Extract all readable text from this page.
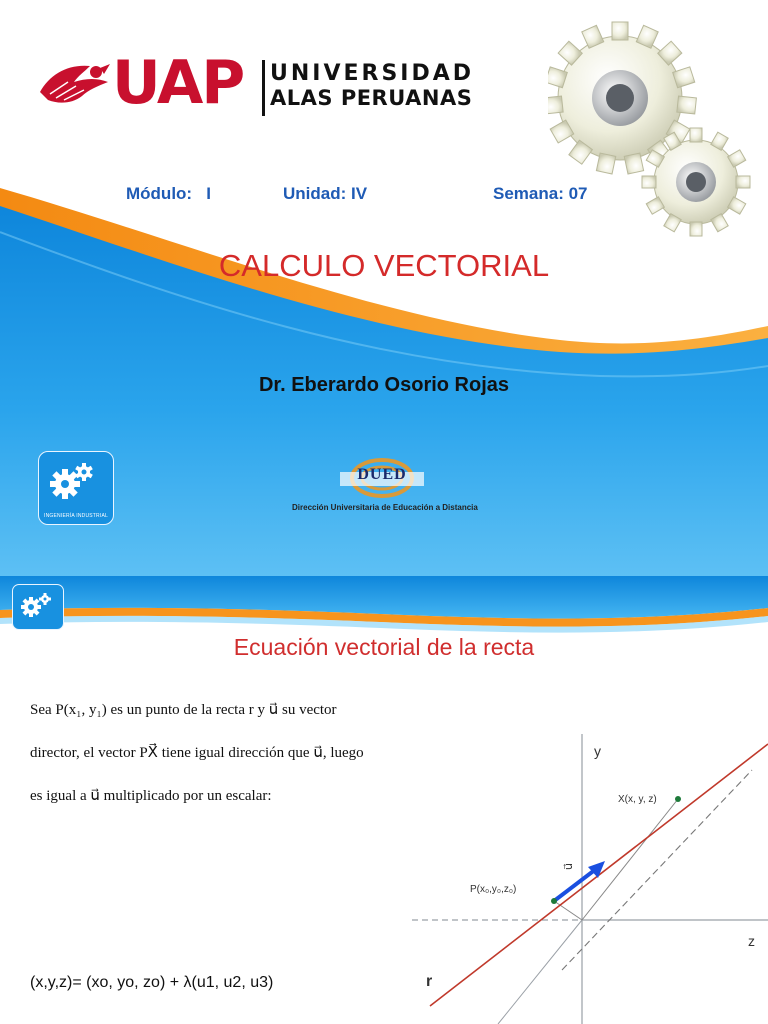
UAP UNIVERSIDAD
ALAS PERUANAS
Módulo: I	Unidad: IV	Semana: 07
CALCULO VECTORIAL
Dr. Eberardo Osorio Rojas
INGENIERÍA INDUSTRIAL
DUED
Dirección Universitaria de Educación a Distancia
Ecuación vectorial de la recta
Sea P(x₁, y₁) es un punto de la recta r y u⃗ su vector
director, el vector PX⃗ tiene igual dirección que u⃗, luego
es igual a u⃗ multiplicado por un escalar:
(x,y,z)= (xo, yo, zo) + λ(u1, u2, u3)
y
z
r
u⃗
P(x₀,y₀,z₀)
X(x, y, z)
